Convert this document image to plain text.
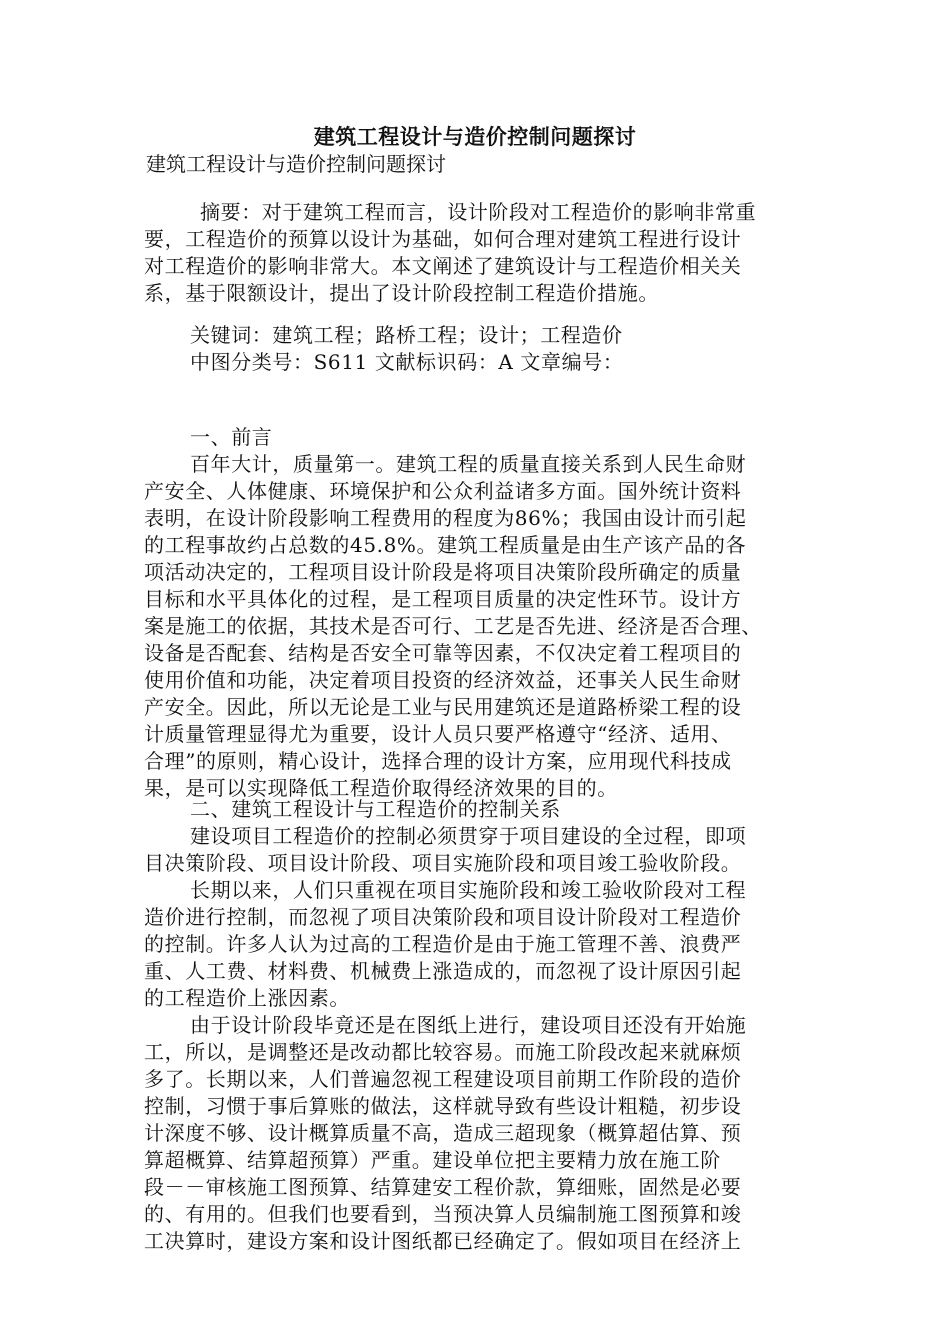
建筑工程设计与造价控制问题探讨
建筑工程设计与造价控制问题探讨
摘要：对于建筑工程而言，设计阶段对工程造价的影响非常重
要，工程造价的预算以设计为基础，如何合理对建筑工程进行设计
对工程造价的影响非常大。本文阐述了建筑设计与工程造价相关关
系，基于限额设计，提出了设计阶段控制工程造价措施。
关键词：建筑工程；路桥工程；设计；工程造价
中图分类号：S611 文献标识码：A 文章编号：
一、前言
百年大计，质量第一。建筑工程的质量直接关系到人民生命财
产安全、人体健康、环境保护和公众利益诸多方面。国外统计资料
表明，在设计阶段影响工程费用的程度为86%；我国由设计而引起
的工程事故约占总数的45.8%。建筑工程质量是由生产该产品的各
项活动决定的，工程项目设计阶段是将项目决策阶段所确定的质量
目标和水平具体化的过程，是工程项目质量的决定性环节。设计方
案是施工的依据，其技术是否可行、工艺是否先进、经济是否合理、
设备是否配套、结构是否安全可靠等因素，不仅决定着工程项目的
使用价值和功能，决定着项目投资的经济效益，还事关人民生命财
产安全。因此，所以无论是工业与民用建筑还是道路桥梁工程的设
计质量管理显得尤为重要，设计人员只要严格遵守“经济、适用、
合理”的原则，精心设计，选择合理的设计方案，应用现代科技成
果，是可以实现降低工程造价取得经济效果的目的。
二、建筑工程设计与工程造价的控制关系
建设项目工程造价的控制必须贯穿于项目建设的全过程，即项
目决策阶段、项目设计阶段、项目实施阶段和项目竣工验收阶段。
长期以来，人们只重视在项目实施阶段和竣工验收阶段对工程
造价进行控制，而忽视了项目决策阶段和项目设计阶段对工程造价
的控制。许多人认为过高的工程造价是由于施工管理不善、浪费严
重、人工费、材料费、机械费上涨造成的，而忽视了设计原因引起
的工程造价上涨因素。
由于设计阶段毕竟还是在图纸上进行，建设项目还没有开始施
工，所以，是调整还是改动都比较容易。而施工阶段改起来就麻烦
多了。长期以来，人们普遍忽视工程建设项目前期工作阶段的造价
控制，习惯于事后算账的做法，这样就导致有些设计粗糙，初步设
计深度不够、设计概算质量不高，造成三超现象（概算超估算、预
算超概算、结算超预算）严重。建设单位把主要精力放在施工阶
段－－审核施工图预算、结算建安工程价款，算细账，固然是必要
的、有用的。但我们也要看到，当预决算人员编制施工图预算和竣
工决算时，建设方案和设计图纸都已经确定了。假如项目在经济上
